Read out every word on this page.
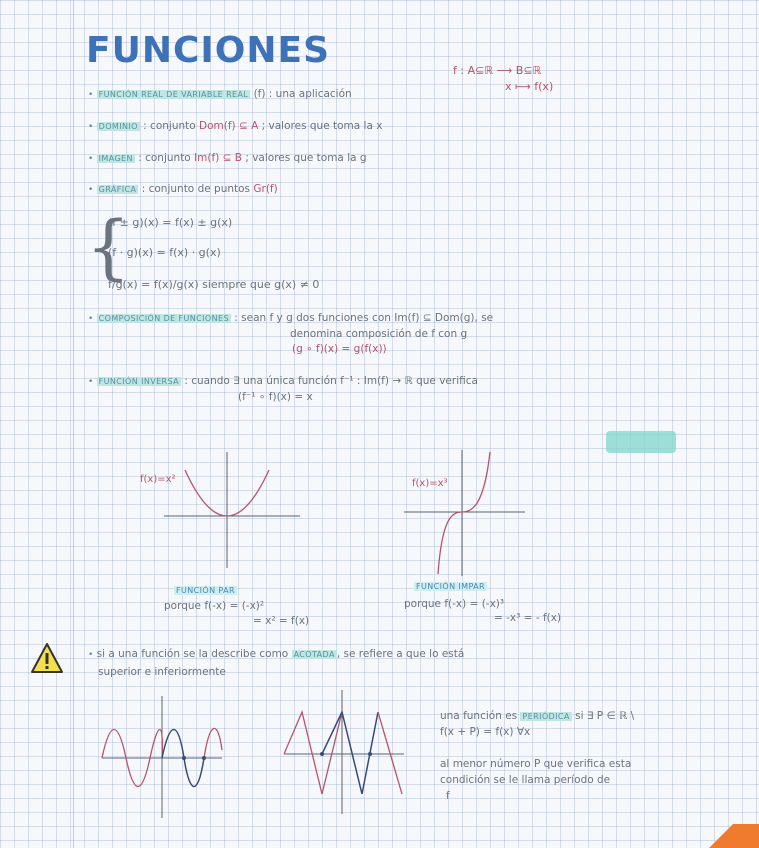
FUNCIONES	f : A⊆ℝ ⟶ B⊆ℝ
x ⟼ f(x)
• FUNCIÓN REAL DE VARIABLE REAL (f) : una aplicación
• DOMINIO : conjunto Dom(f) ⊆ A ; valores que toma la x
• IMAGEN : conjunto Im(f) ⊆ B ; valores que toma la g
• GRÁFICA : conjunto de puntos Gr(f)
{
(f ± g)(x) = f(x) ± g(x)
(f · g)(x) = f(x) · g(x)
f/g(x) = f(x)/g(x) siempre que g(x) ≠ 0
• COMPOSICIÓN DE FUNCIONES : sean f y g dos funciones con Im(f) ⊆ Dom(g), se
denomina composición de f con g
(g ∘ f)(x) = g(f(x))
• FUNCIÓN INVERSA : cuando ∃ una única función f⁻¹ : Im(f) → ℝ que verifica
(f⁻¹ ∘ f)(x) = x
f(x)=x²
FUNCIÓN PAR
porque f(-x) = (-x)²
= x² = f(x)
f(x)=x³
FUNCIÓN IMPAR
porque f(-x) = (-x)³
= -x³ = - f(x)
• si a una función se la describe como ACOTADA , se refiere a que lo está
superior e inferiormente
una función es PERIÓDICA si ∃ P ∈ ℝ \
f(x + P) = f(x) ∀x
al menor número P que verifica esta
condición se le llama período de
f
